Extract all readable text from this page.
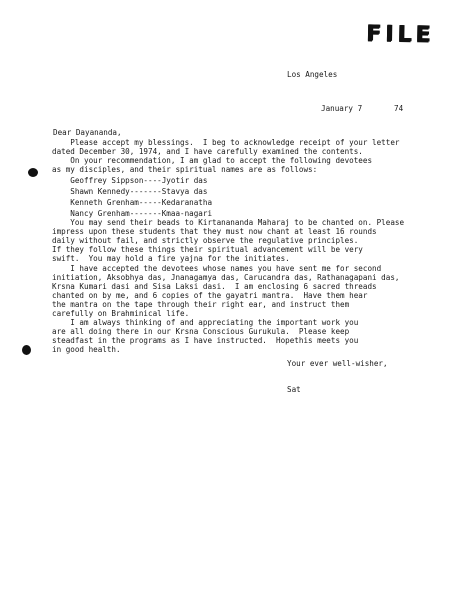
FILE
Los Angeles
January 7	74
Dear Dayananda,
Please accept my blessings.  I beg to acknowledge receipt of your letter
dated December 30, 1974, and I have carefully examined the contents.
On your recommendation, I am glad to accept the following devotees
as my disciples, and their spiritual names are as follows:
Geoffrey Sippson----Jyotir das
Shawn Kennedy-------Stavya das
Kenneth Grenham-----Kedaranatha
Nancy Grenham-------Kmaa-nagari
You may send their beads to Kirtanananda Maharaj to be chanted on. Please
impress upon these students that they must now chant at least 16 rounds
daily without fail, and strictly observe the regulative principles.
If they follow these things their spiritual advancement will be very
swift.  You may hold a fire yajna for the initiates.
I have accepted the devotees whose names you have sent me for second
initiation, Aksobhya das, Jnanagamya das, Carucandra das, Rathanagapani das,
Krsna Kumari dasi and Sisa Laksi dasi.  I am enclosing 6 sacred threads
chanted on by me, and 6 copies of the gayatri mantra.  Have them hear
the mantra on the tape through their right ear, and instruct them
carefully on Brahminical life.
I am always thinking of and appreciating the important work you
are all doing there in our Krsna Conscious Gurukula.  Please keep
steadfast in the programs as I have instructed.  Hopethis meets you
in good health.
Your ever well-wisher,
Sat
